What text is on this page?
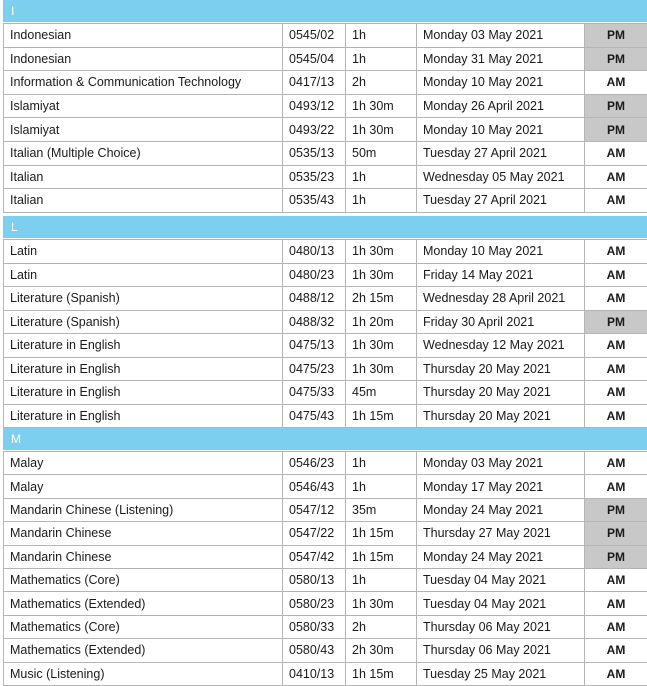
I
Indonesian	0545/02	1h	Monday 03 May 2021	PM
Indonesian	0545/04	1h	Monday 31 May 2021	PM
Information & Communication Technology	0417/13	2h	Monday 10 May 2021	AM
Islamiyat	0493/12	1h 30m	Monday 26 April 2021	PM
Islamiyat	0493/22	1h 30m	Monday 10 May 2021	PM
Italian (Multiple Choice)	0535/13	50m	Tuesday 27 April 2021	AM
Italian	0535/23	1h	Wednesday 05 May 2021	AM
Italian	0535/43	1h	Tuesday 27 April 2021	AM
L
Latin	0480/13	1h 30m	Monday 10 May 2021	AM
Latin	0480/23	1h 30m	Friday 14 May 2021	AM
Literature (Spanish)	0488/12	2h 15m	Wednesday 28 April 2021	AM
Literature (Spanish)	0488/32	1h 20m	Friday 30 April 2021	PM
Literature in English	0475/13	1h 30m	Wednesday 12 May 2021	AM
Literature in English	0475/23	1h 30m	Thursday 20 May 2021	AM
Literature in English	0475/33	45m	Thursday 20 May 2021	AM
Literature in English	0475/43	1h 15m	Thursday 20 May 2021	AM
M
Malay	0546/23	1h	Monday 03 May 2021	AM
Malay	0546/43	1h	Monday 17 May 2021	AM
Mandarin Chinese (Listening)	0547/12	35m	Monday 24 May 2021	PM
Mandarin Chinese	0547/22	1h 15m	Thursday 27 May 2021	PM
Mandarin Chinese	0547/42	1h 15m	Monday 24 May 2021	PM
Mathematics (Core)	0580/13	1h	Tuesday 04 May 2021	AM
Mathematics (Extended)	0580/23	1h 30m	Tuesday 04 May 2021	AM
Mathematics (Core)	0580/33	2h	Thursday 06 May 2021	AM
Mathematics (Extended)	0580/43	2h 30m	Thursday 06 May 2021	AM
Music (Listening)	0410/13	1h 15m	Tuesday 25 May 2021	AM
